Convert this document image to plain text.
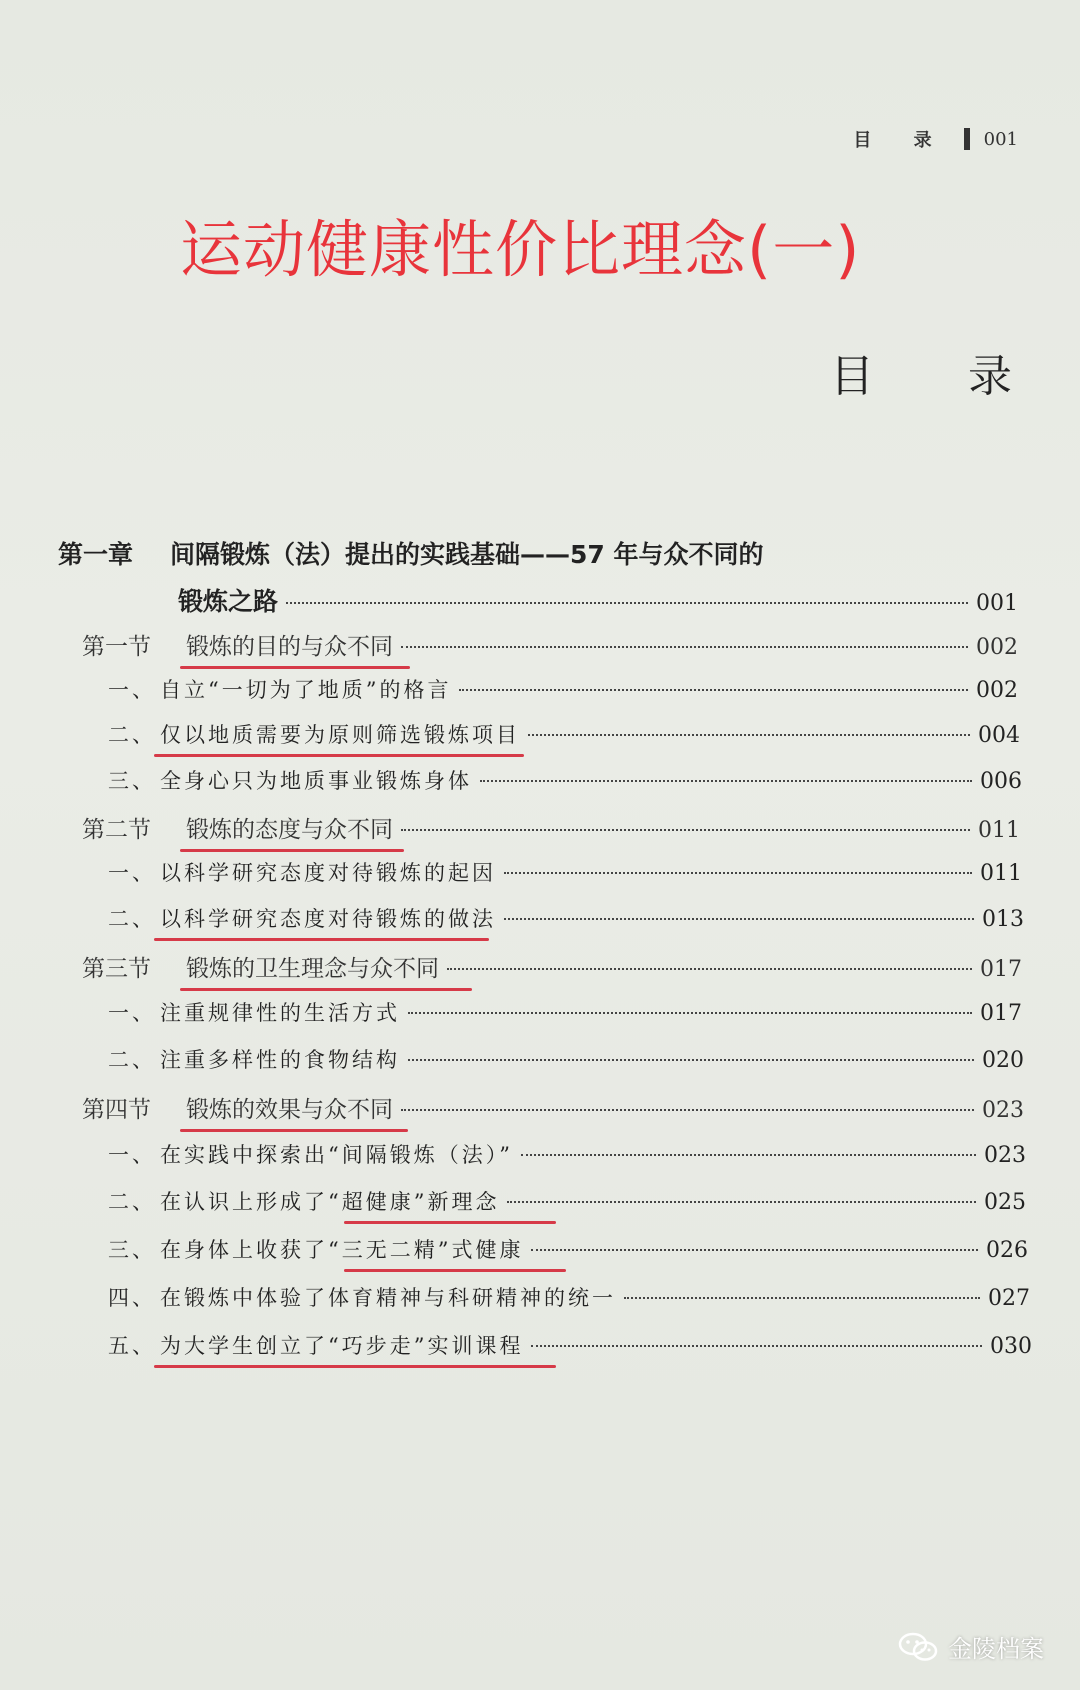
目 录 001
运动健康性价比理念(一)
目 录
第一章	间隔锻炼（法）提出的实践基础——57 年与众不同的
锻炼之路	001
第一节	锻炼的目的与众不同	002
一、 自立“一切为了地质”的格言	002
二、 仅以地质需要为原则筛选锻炼项目	004
三、 全身心只为地质事业锻炼身体	006
第二节	锻炼的态度与众不同	011
一、 以科学研究态度对待锻炼的起因	011
二、 以科学研究态度对待锻炼的做法	013
第三节	锻炼的卫生理念与众不同	017
一、 注重规律性的生活方式	017
二、 注重多样性的食物结构	020
第四节	锻炼的效果与众不同	023
一、 在实践中探索出“间隔锻炼（法）”	023
二、 在认识上形成了“超健康”新理念	025
三、 在身体上收获了“三无二精”式健康	026
四、 在锻炼中体验了体育精神与科研精神的统一	027
五、 为大学生创立了“巧步走”实训课程	030
金陵档案
